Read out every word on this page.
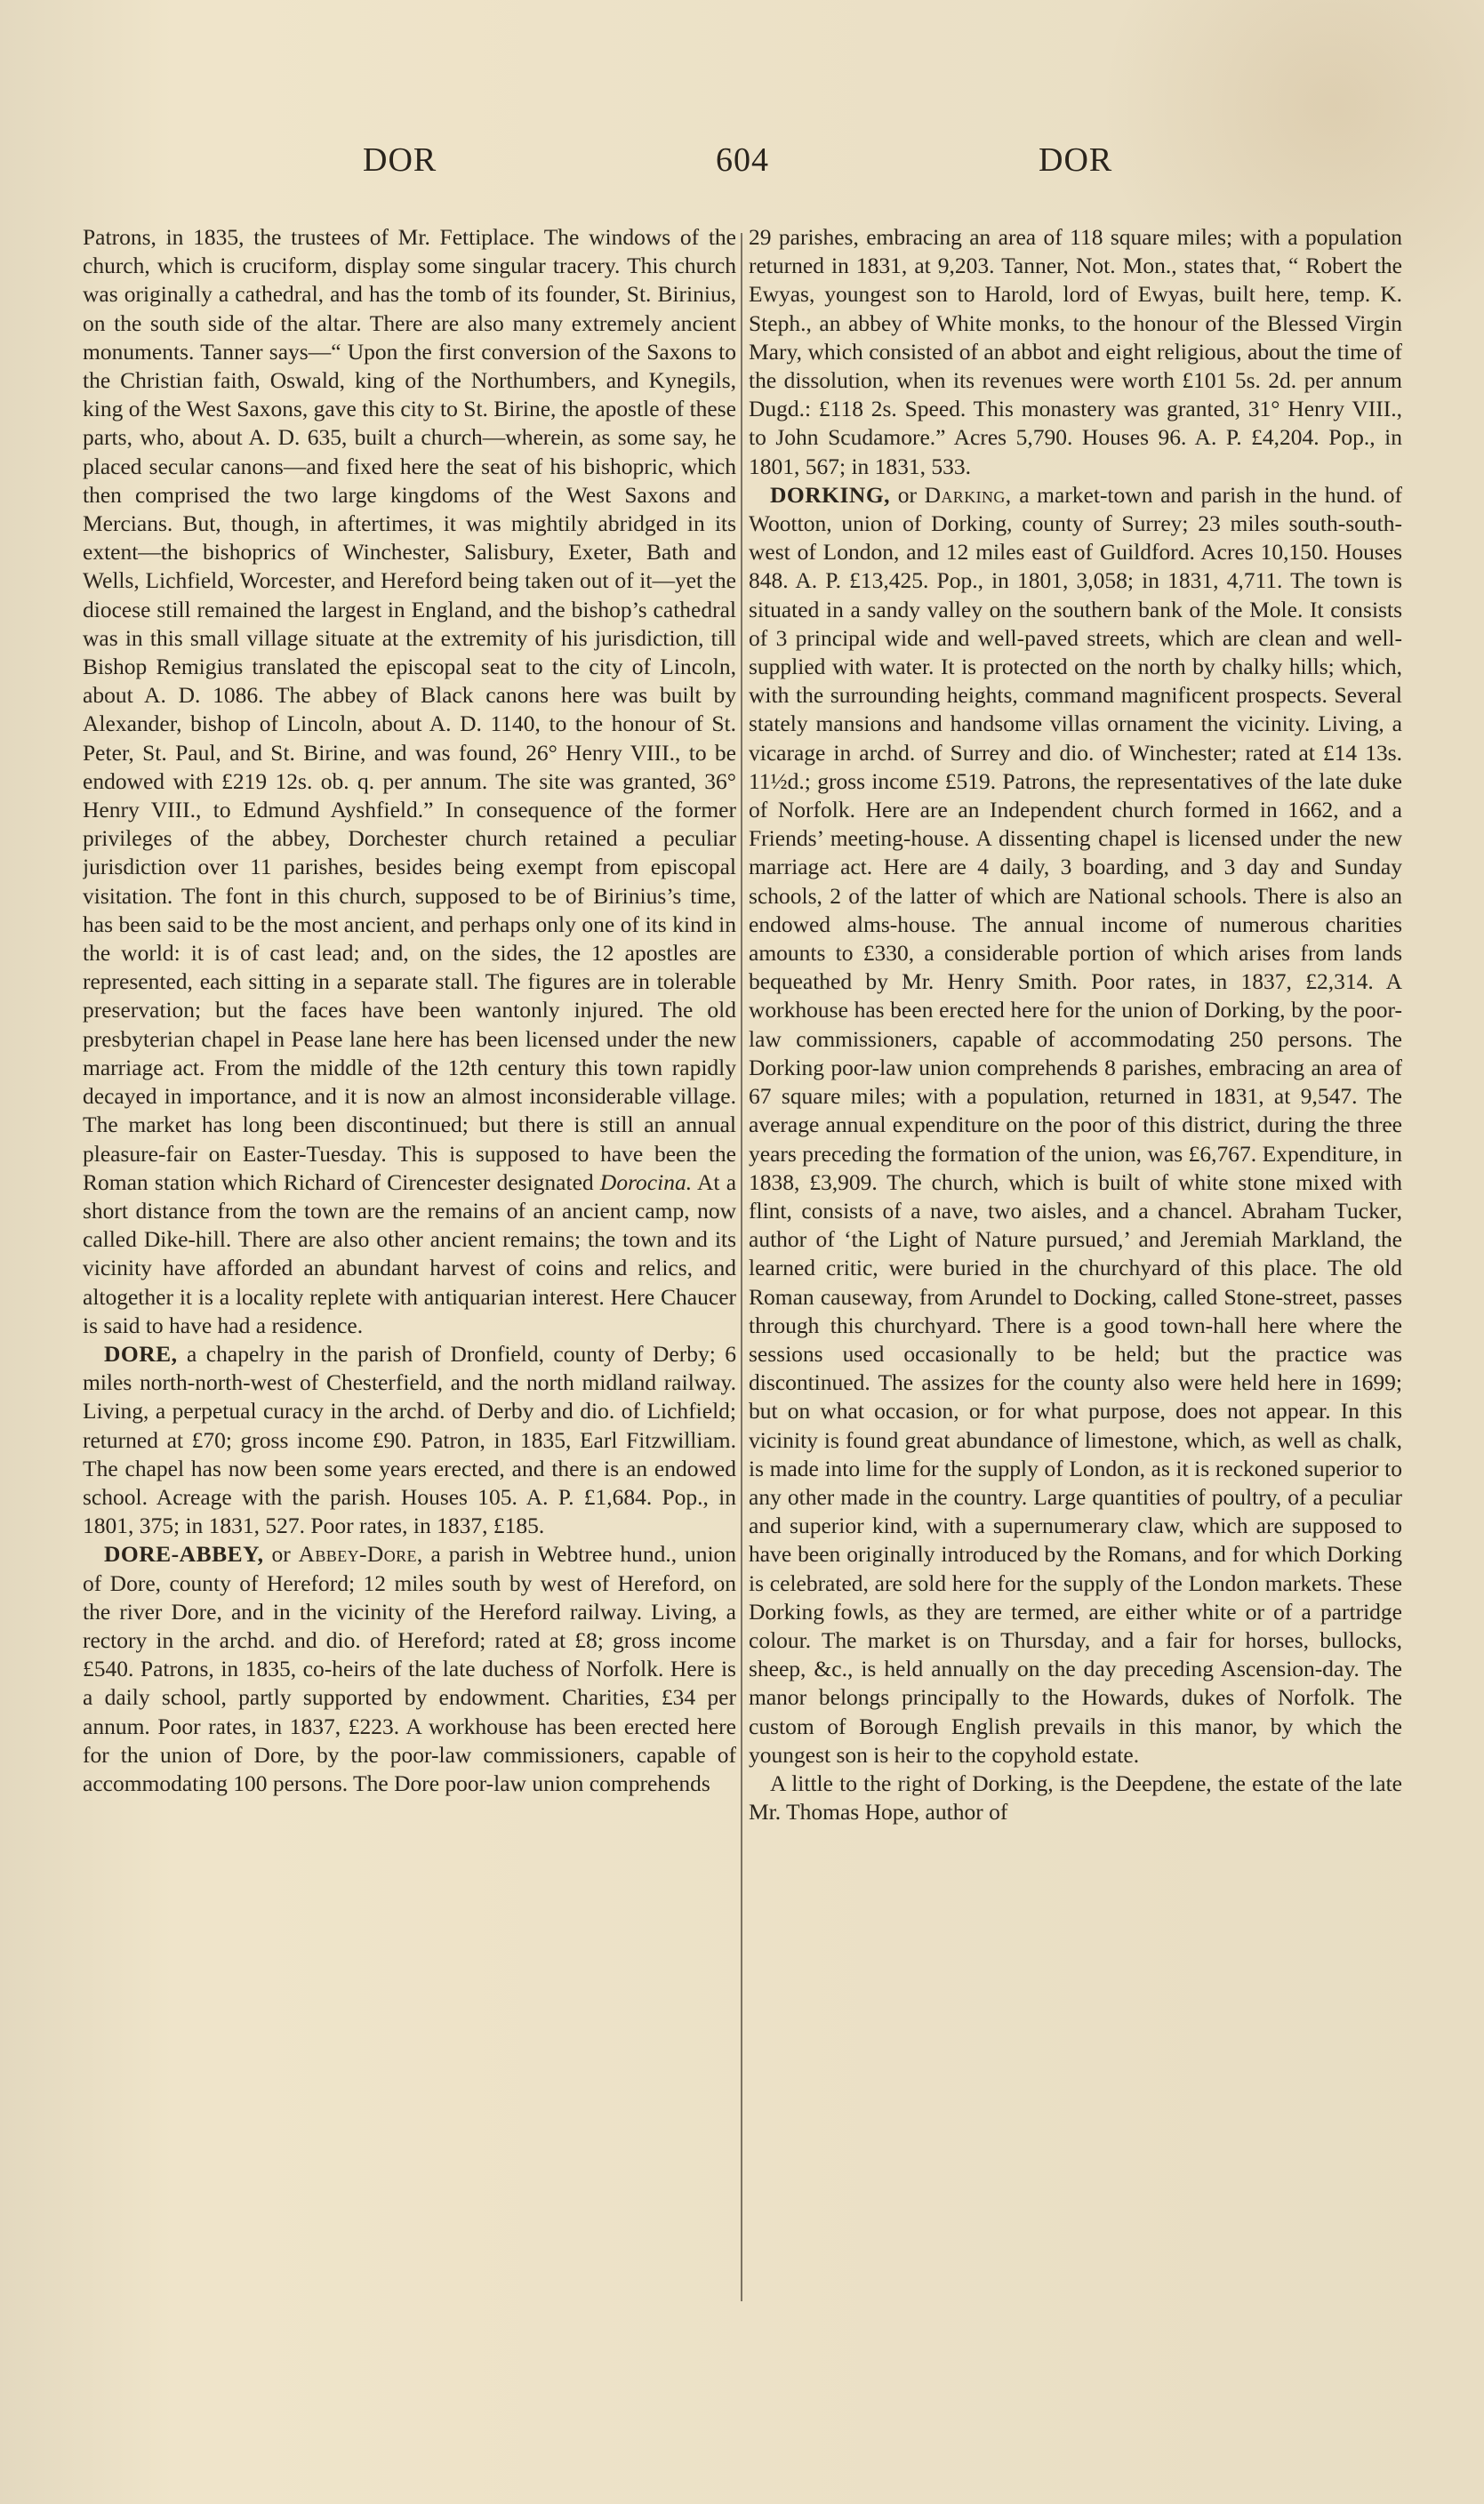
DOR	604	DOR

Patrons, in 1835, the trustees of Mr. Fettiplace. The windows of the church, which is cruciform, display some singular tracery. This church was originally a cathedral, and has the tomb of its founder, St. Birinius, on the south side of the altar. There are also many extremely ancient monuments. Tanner says—“ Upon the first conversion of the Saxons to the Christian faith, Oswald, king of the Northumbers, and Kynegils, king of the West Saxons, gave this city to St. Birine, the apostle of these parts, who, about A. D. 635, built a church—wherein, as some say, he placed secular canons—and fixed here the seat of his bishopric, which then comprised the two large kingdoms of the West Saxons and Mercians. But, though, in aftertimes, it was mightily abridged in its extent—the bishoprics of Winchester, Salisbury, Exeter, Bath and Wells, Lichfield, Worcester, and Hereford being taken out of it—yet the diocese still remained the largest in England, and the bishop’s cathedral was in this small village situate at the extremity of his jurisdiction, till Bishop Remigius translated the episcopal seat to the city of Lincoln, about A. D. 1086. The abbey of Black canons here was built by Alexander, bishop of Lincoln, about A. D. 1140, to the honour of St. Peter, St. Paul, and St. Birine, and was found, 26° Henry VIII., to be endowed with £219 12s. ob. q. per annum. The site was granted, 36° Henry VIII., to Edmund Ayshfield.” In consequence of the former privileges of the abbey, Dorchester church retained a peculiar jurisdiction over 11 parishes, besides being exempt from episcopal visitation. The font in this church, supposed to be of Birinius’s time, has been said to be the most ancient, and perhaps only one of its kind in the world: it is of cast lead; and, on the sides, the 12 apostles are represented, each sitting in a separate stall. The figures are in tolerable preservation; but the faces have been wantonly injured. The old presbyterian chapel in Pease lane here has been licensed under the new marriage act. From the middle of the 12th century this town rapidly decayed in importance, and it is now an almost inconsiderable village. The market has long been discontinued; but there is still an annual pleasure-fair on Easter-Tuesday. This is supposed to have been the Roman station which Richard of Cirencester designated Dorocina. At a short distance from the town are the remains of an ancient camp, now called Dike-hill. There are also other ancient remains; the town and its vicinity have afforded an abundant harvest of coins and relics, and altogether it is a locality replete with antiquarian interest. Here Chaucer is said to have had a residence.

DORE, a chapelry in the parish of Dronfield, county of Derby; 6 miles north-north-west of Chesterfield, and the north midland railway. Living, a perpetual curacy in the archd. of Derby and dio. of Lichfield; returned at £70; gross income £90. Patron, in 1835, Earl Fitzwilliam. The chapel has now been some years erected, and there is an endowed school. Acreage with the parish. Houses 105. A. P. £1,684. Pop., in 1801, 375; in 1831, 527. Poor rates, in 1837, £185.

DORE-ABBEY, or Abbey-Dore, a parish in Webtree hund., union of Dore, county of Hereford; 12 miles south by west of Hereford, on the river Dore, and in the vicinity of the Hereford railway. Living, a rectory in the archd. and dio. of Hereford; rated at £8; gross income £540. Patrons, in 1835, co-heirs of the late duchess of Norfolk. Here is a daily school, partly supported by endowment. Charities, £34 per annum. Poor rates, in 1837, £223. A workhouse has been erected here for the union of Dore, by the poor-law commissioners, capable of accommodating 100 persons. The Dore poor-law union comprehends

29 parishes, embracing an area of 118 square miles; with a population returned in 1831, at 9,203. Tanner, Not. Mon., states that, “ Robert the Ewyas, youngest son to Harold, lord of Ewyas, built here, temp. K. Steph., an abbey of White monks, to the honour of the Blessed Virgin Mary, which consisted of an abbot and eight religious, about the time of the dissolution, when its revenues were worth £101 5s. 2d. per annum Dugd.: £118 2s. Speed. This monastery was granted, 31° Henry VIII., to John Scudamore.” Acres 5,790. Houses 96. A. P. £4,204. Pop., in 1801, 567; in 1831, 533.

DORKING, or Darking, a market-town and parish in the hund. of Wootton, union of Dorking, county of Surrey; 23 miles south-south-west of London, and 12 miles east of Guildford. Acres 10,150. Houses 848. A. P. £13,425. Pop., in 1801, 3,058; in 1831, 4,711. The town is situated in a sandy valley on the southern bank of the Mole. It consists of 3 principal wide and well-paved streets, which are clean and well-supplied with water. It is protected on the north by chalky hills; which, with the surrounding heights, command magnificent prospects. Several stately mansions and handsome villas ornament the vicinity. Living, a vicarage in archd. of Surrey and dio. of Winchester; rated at £14 13s. 11½d.; gross income £519. Patrons, the representatives of the late duke of Norfolk. Here are an Independent church formed in 1662, and a Friends’ meeting-house. A dissenting chapel is licensed under the new marriage act. Here are 4 daily, 3 boarding, and 3 day and Sunday schools, 2 of the latter of which are National schools. There is also an endowed alms-house. The annual income of numerous charities amounts to £330, a considerable portion of which arises from lands bequeathed by Mr. Henry Smith. Poor rates, in 1837, £2,314. A workhouse has been erected here for the union of Dorking, by the poor-law commissioners, capable of accommodating 250 persons. The Dorking poor-law union comprehends 8 parishes, embracing an area of 67 square miles; with a population, returned in 1831, at 9,547. The average annual expenditure on the poor of this district, during the three years preceding the formation of the union, was £6,767. Expenditure, in 1838, £3,909. The church, which is built of white stone mixed with flint, consists of a nave, two aisles, and a chancel. Abraham Tucker, author of ‘the Light of Nature pursued,’ and Jeremiah Markland, the learned critic, were buried in the churchyard of this place. The old Roman causeway, from Arundel to Docking, called Stone-street, passes through this churchyard. There is a good town-hall here where the sessions used occasionally to be held; but the practice was discontinued. The assizes for the county also were held here in 1699; but on what occasion, or for what purpose, does not appear. In this vicinity is found great abundance of limestone, which, as well as chalk, is made into lime for the supply of London, as it is reckoned superior to any other made in the country. Large quantities of poultry, of a peculiar and superior kind, with a supernumerary claw, which are supposed to have been originally introduced by the Romans, and for which Dorking is celebrated, are sold here for the supply of the London markets. These Dorking fowls, as they are termed, are either white or of a partridge colour. The market is on Thursday, and a fair for horses, bullocks, sheep, &c., is held annually on the day preceding Ascension-day. The manor belongs principally to the Howards, dukes of Norfolk. The custom of Borough English prevails in this manor, by which the youngest son is heir to the copyhold estate.

A little to the right of Dorking, is the Deepdene, the estate of the late Mr. Thomas Hope, author of
